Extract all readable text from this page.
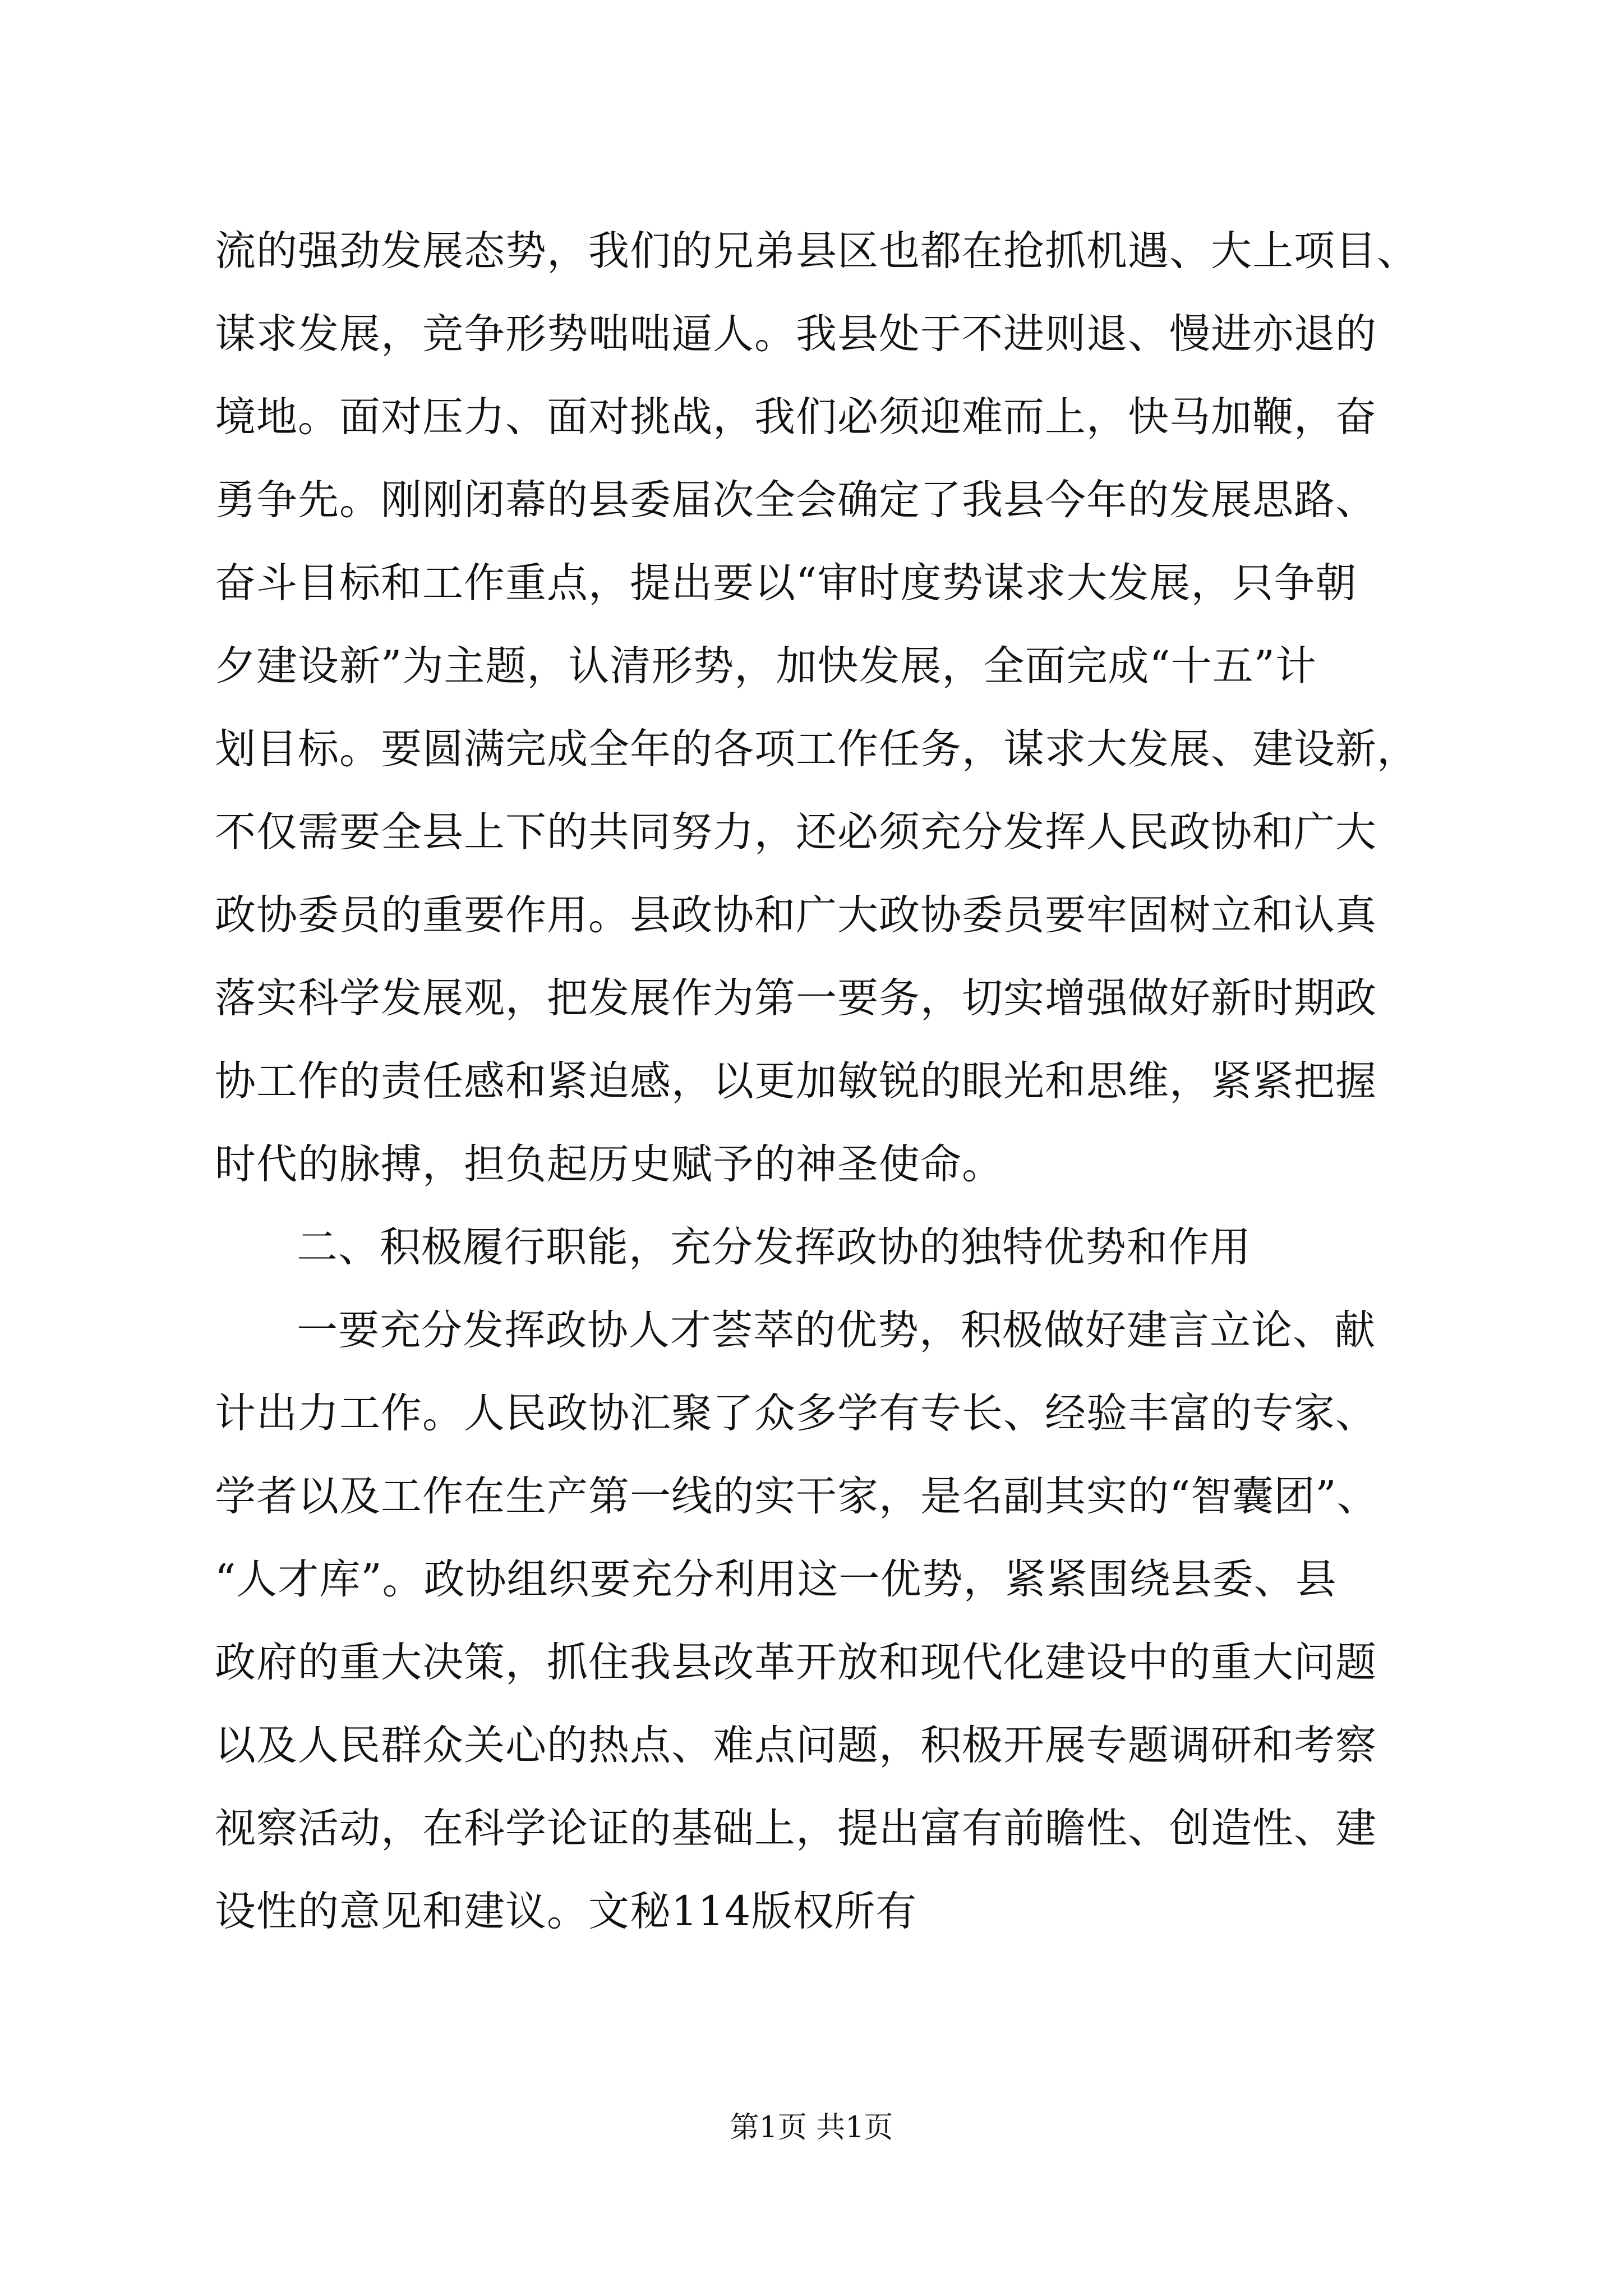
流的强劲发展态势，我们的兄弟县区也都在抢抓机遇、大上项目、
谋求发展，竞争形势咄咄逼人。我县处于不进则退、慢进亦退的
境地。面对压力、面对挑战，我们必须迎难而上，快马加鞭，奋
勇争先。刚刚闭幕的县委届次全会确定了我县今年的发展思路、
奋斗目标和工作重点，提出要以“审时度势谋求大发展，只争朝
夕建设新”为主题，认清形势，加快发展，全面完成“十五”计
划目标。要圆满完成全年的各项工作任务，谋求大发展、建设新，
不仅需要全县上下的共同努力，还必须充分发挥人民政协和广大
政协委员的重要作用。县政协和广大政协委员要牢固树立和认真
落实科学发展观，把发展作为第一要务，切实增强做好新时期政
协工作的责任感和紧迫感，以更加敏锐的眼光和思维，紧紧把握
时代的脉搏，担负起历史赋予的神圣使命。
二、积极履行职能，充分发挥政协的独特优势和作用
一要充分发挥政协人才荟萃的优势，积极做好建言立论、献
计出力工作。人民政协汇聚了众多学有专长、经验丰富的专家、
学者以及工作在生产第一线的实干家，是名副其实的“智囊团”、
“人才库”。政协组织要充分利用这一优势，紧紧围绕县委、县
政府的重大决策，抓住我县改革开放和现代化建设中的重大问题
以及人民群众关心的热点、难点问题，积极开展专题调研和考察
视察活动，在科学论证的基础上，提出富有前瞻性、创造性、建
设性的意见和建议。文秘114版权所有
第1页 共1页
